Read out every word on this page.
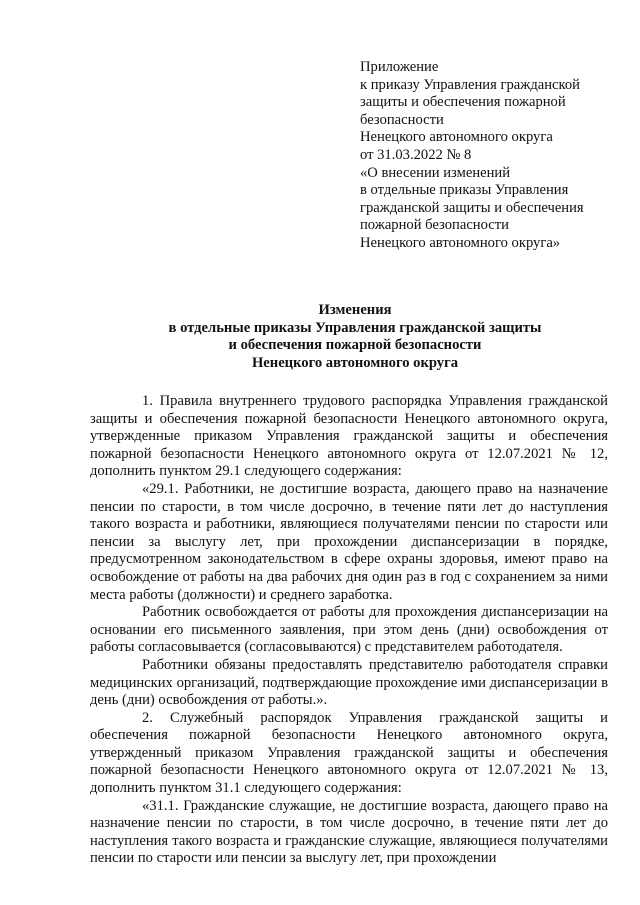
Приложение
к приказу Управления гражданской
защиты и обеспечения пожарной
безопасности
Ненецкого автономного округа
от 31.03.2022 № 8
«О внесении изменений
в отдельные приказы Управления
гражданской защиты и обеспечения
пожарной безопасности
Ненецкого автономного округа»
Изменения
в отдельные приказы Управления гражданской защиты
и обеспечения пожарной безопасности
Ненецкого автономного округа

1. Правила внутреннего трудового распорядка Управления гражданской защиты и обеспечения пожарной безопасности Ненецкого автономного округа, утвержденные приказом Управления гражданской защиты и обеспечения пожарной безопасности Ненецкого автономного округа от 12.07.2021 № 12, дополнить пунктом 29.1 следующего содержания:

«29.1. Работники, не достигшие возраста, дающего право на назначение пенсии по старости, в том числе досрочно, в течение пяти лет до наступления такого возраста и работники, являющиеся получателями пенсии по старости или пенсии за выслугу лет, при прохождении диспансеризации в порядке, предусмотренном законодательством в сфере охраны здоровья, имеют право на освобождение от работы на два рабочих дня один раз в год с сохранением за ними места работы (должности) и среднего заработка.

Работник освобождается от работы для прохождения диспансеризации на основании его письменного заявления, при этом день (дни) освобождения от работы согласовывается (согласовываются) с представителем работодателя.

Работники обязаны предоставлять представителю работодателя справки медицинских организаций, подтверждающие прохождение ими диспансеризации в день (дни) освобождения от работы.».

2. Служебный распорядок Управления гражданской защиты и обеспечения пожарной безопасности Ненецкого автономного округа, утвержденный приказом Управления гражданской защиты и обеспечения пожарной безопасности Ненецкого автономного округа от 12.07.2021 № 13, дополнить пунктом 31.1 следующего содержания:

«31.1. Гражданские служащие, не достигшие возраста, дающего право на назначение пенсии по старости, в том числе досрочно, в течение пяти лет до наступления такого возраста и гражданские служащие, являющиеся получателями пенсии по старости или пенсии за выслугу лет, при прохождении
